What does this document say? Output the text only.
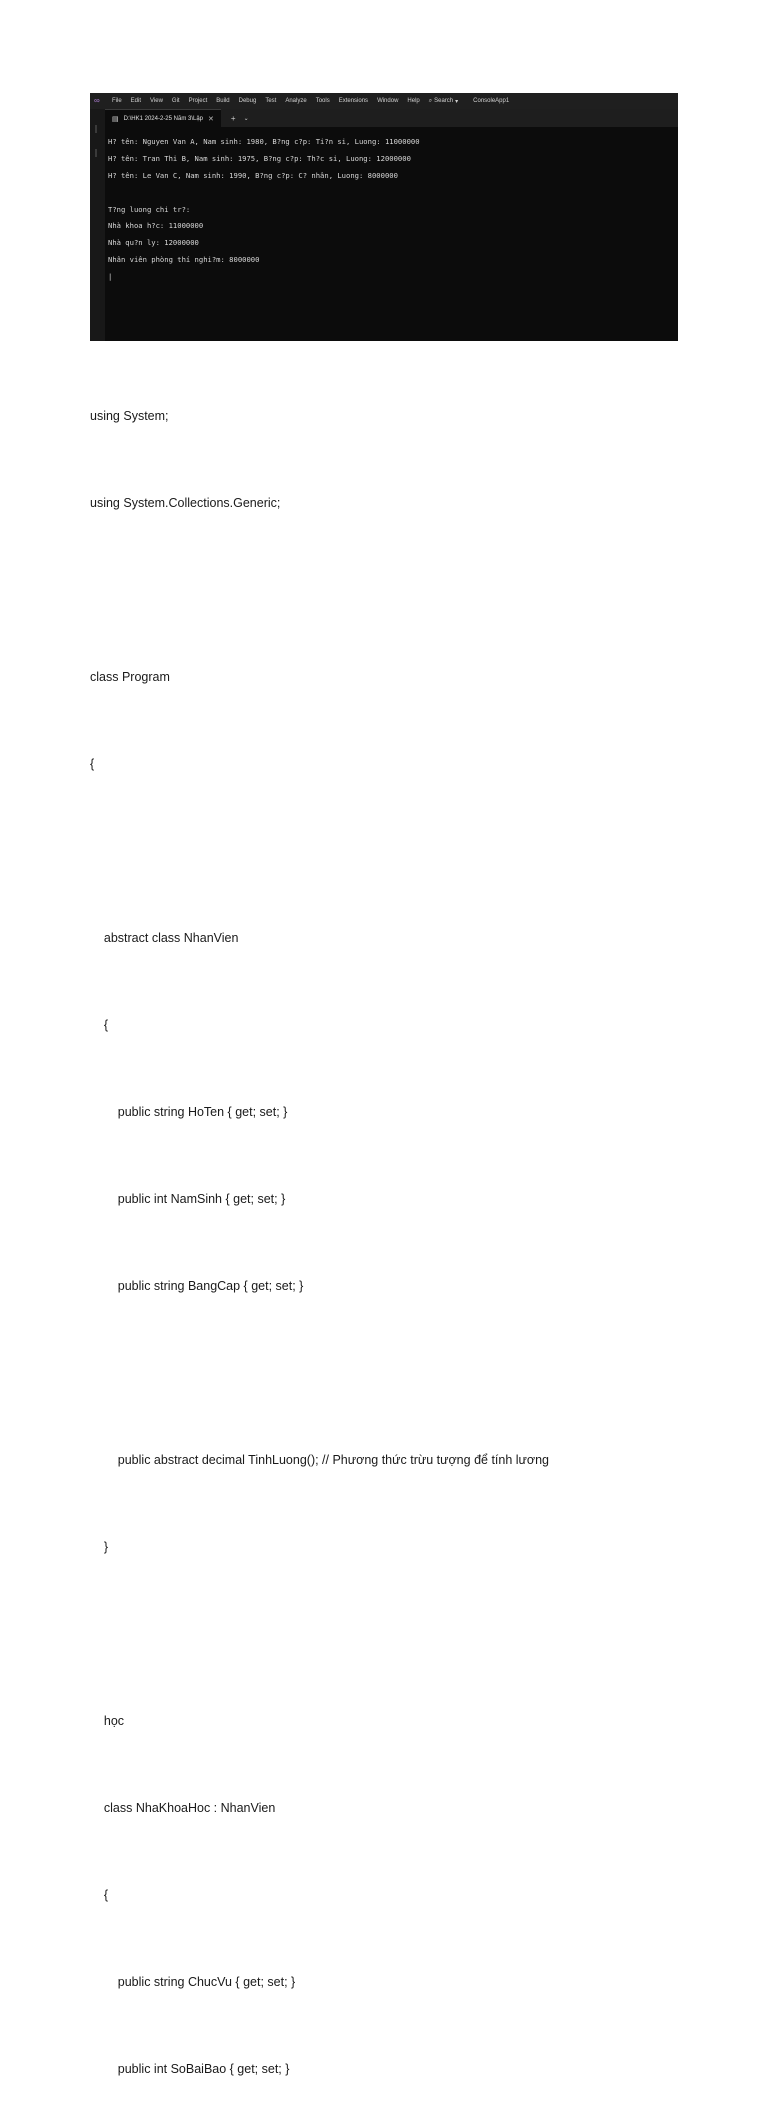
∞	File Edit View Git Project Build Debug Test Analyze Tools Extensions Window Help ⌕ Search ▾	ConsoleApp1
▤ D:\HK1 2024-2-25 Năm 3\Lập ✕ + ⌄

H? tên: Nguyen Van A, Nam sinh: 1980, B?ng c?p: Ti?n si, Luong: 11000000

H? tên: Tran Thi B, Nam sinh: 1975, B?ng c?p: Th?c si, Luong: 12000000

H? tên: Le Van C, Nam sinh: 1990, B?ng c?p: C? nhân, Luong: 8000000

T?ng luong chi tr?:

Nhà khoa h?c: 11000000

Nhà qu?n ly: 12000000

Nhân viên phòng thí nghi?m: 8000000

|

using System;

using System.Collections.Generic;

class Program

{

abstract class NhanVien

{

public string HoTen { get; set; }

public int NamSinh { get; set; }

public string BangCap { get; set; }

public abstract decimal TinhLuong(); // Phương thức trừu tượng để tính lương

}

học

class NhaKhoaHoc : NhanVien

{

public string ChucVu { get; set; }

public int SoBaiBao { get; set; }
